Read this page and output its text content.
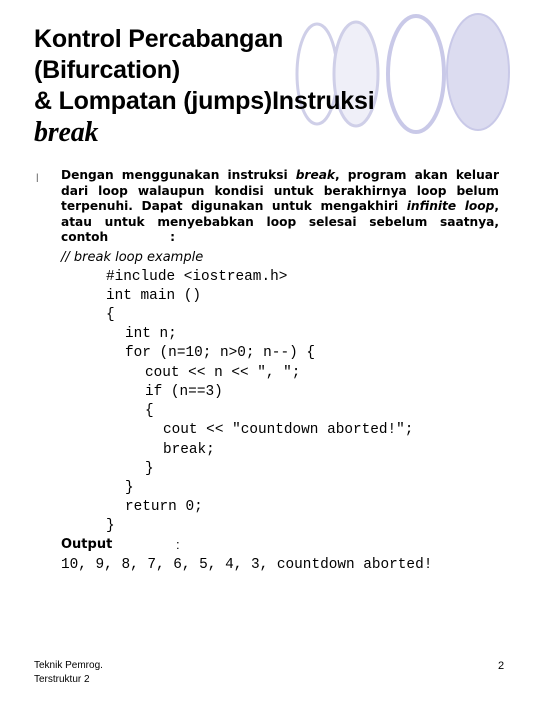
Kontrol Percabangan
(Bifurcation)
& Lompatan (jumps)Instruksi
break
l Dengan menggunakan instruksi break, program akan keluar dari loop walaupun kondisi untuk berakhirnya loop belum terpenuhi. Dapat digunakan untuk mengakhiri infinite loop, atau untuk menyebabkan loop selesai sebelum saatnya, contoh	:
// break loop example
#include <iostream.h>
int main ()
{
int n;
for (n=10; n>0; n--) {
cout << n << ", ";
if (n==3)
{
cout << "countdown aborted!";
break;
}
}
return 0;
}
Output	:
10, 9, 8, 7, 6, 5, 4, 3, countdown aborted!
Teknik Pemrog.
Terstruktur 2
2
